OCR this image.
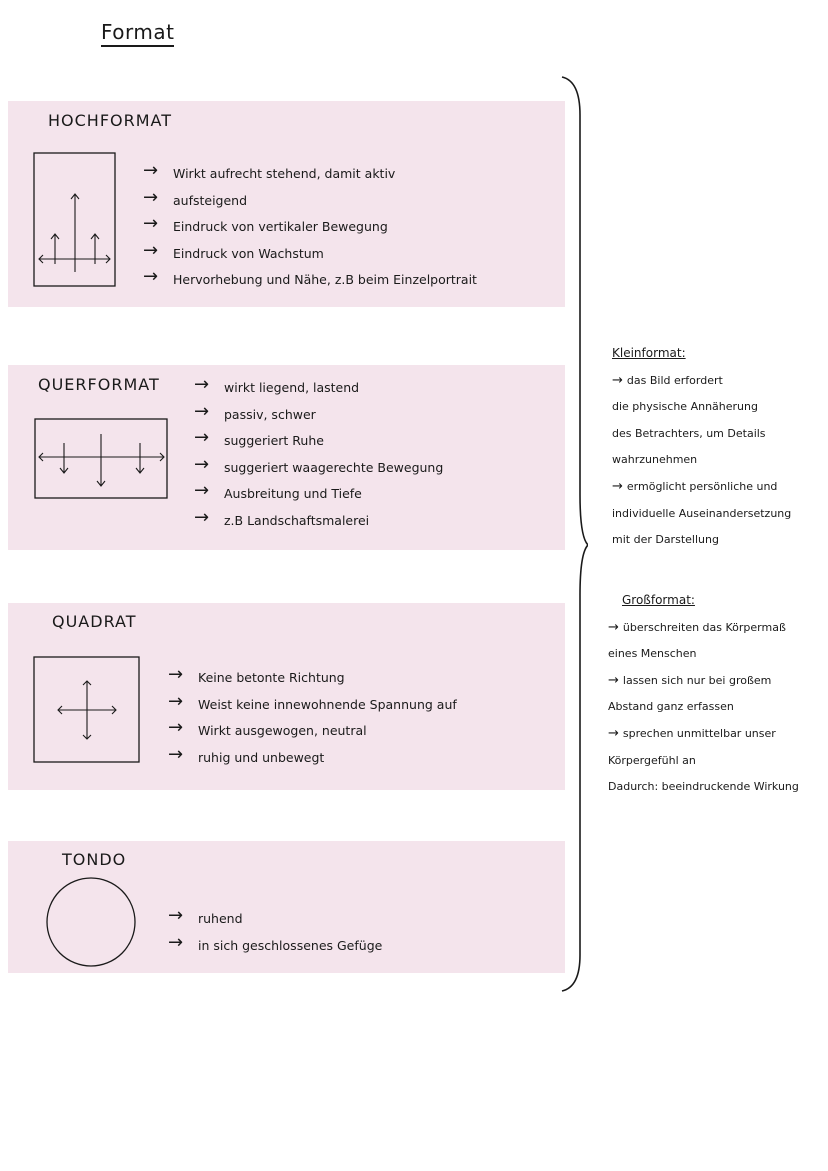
Format
HOCHFORMAT
→ Wirkt aufrecht stehend, damit aktiv
→ aufsteigend
→ Eindruck von vertikaler Bewegung
→ Eindruck von Wachstum
→ Hervorhebung und Nähe, z.B beim Einzelportrait
QUERFORMAT
→	wirkt liegend, lastend
→ passiv, schwer
→ suggeriert Ruhe
→ suggeriert waagerechte Bewegung
→ Ausbreitung und Tiefe
→ z.B Landschaftsmalerei
QUADRAT
→ Keine betonte Richtung
→ Weist keine innewohnende Spannung auf
→ Wirkt ausgewogen, neutral
→ ruhig und unbewegt
TONDO
→ ruhend
→ in sich geschlossenes Gefüge
Kleinformat:
→ das Bild erfordert
die physische Annäherung
des Betrachters, um Details
wahrzunehmen
→ ermöglicht persönliche und
individuelle Auseinandersetzung
mit der Darstellung
Großformat:
→ überschreiten das Körpermaß
eines Menschen
→ lassen sich nur bei großem
Abstand ganz erfassen
→ sprechen unmittelbar unser
Körpergefühl an
Dadurch: beeindruckende Wirkung
